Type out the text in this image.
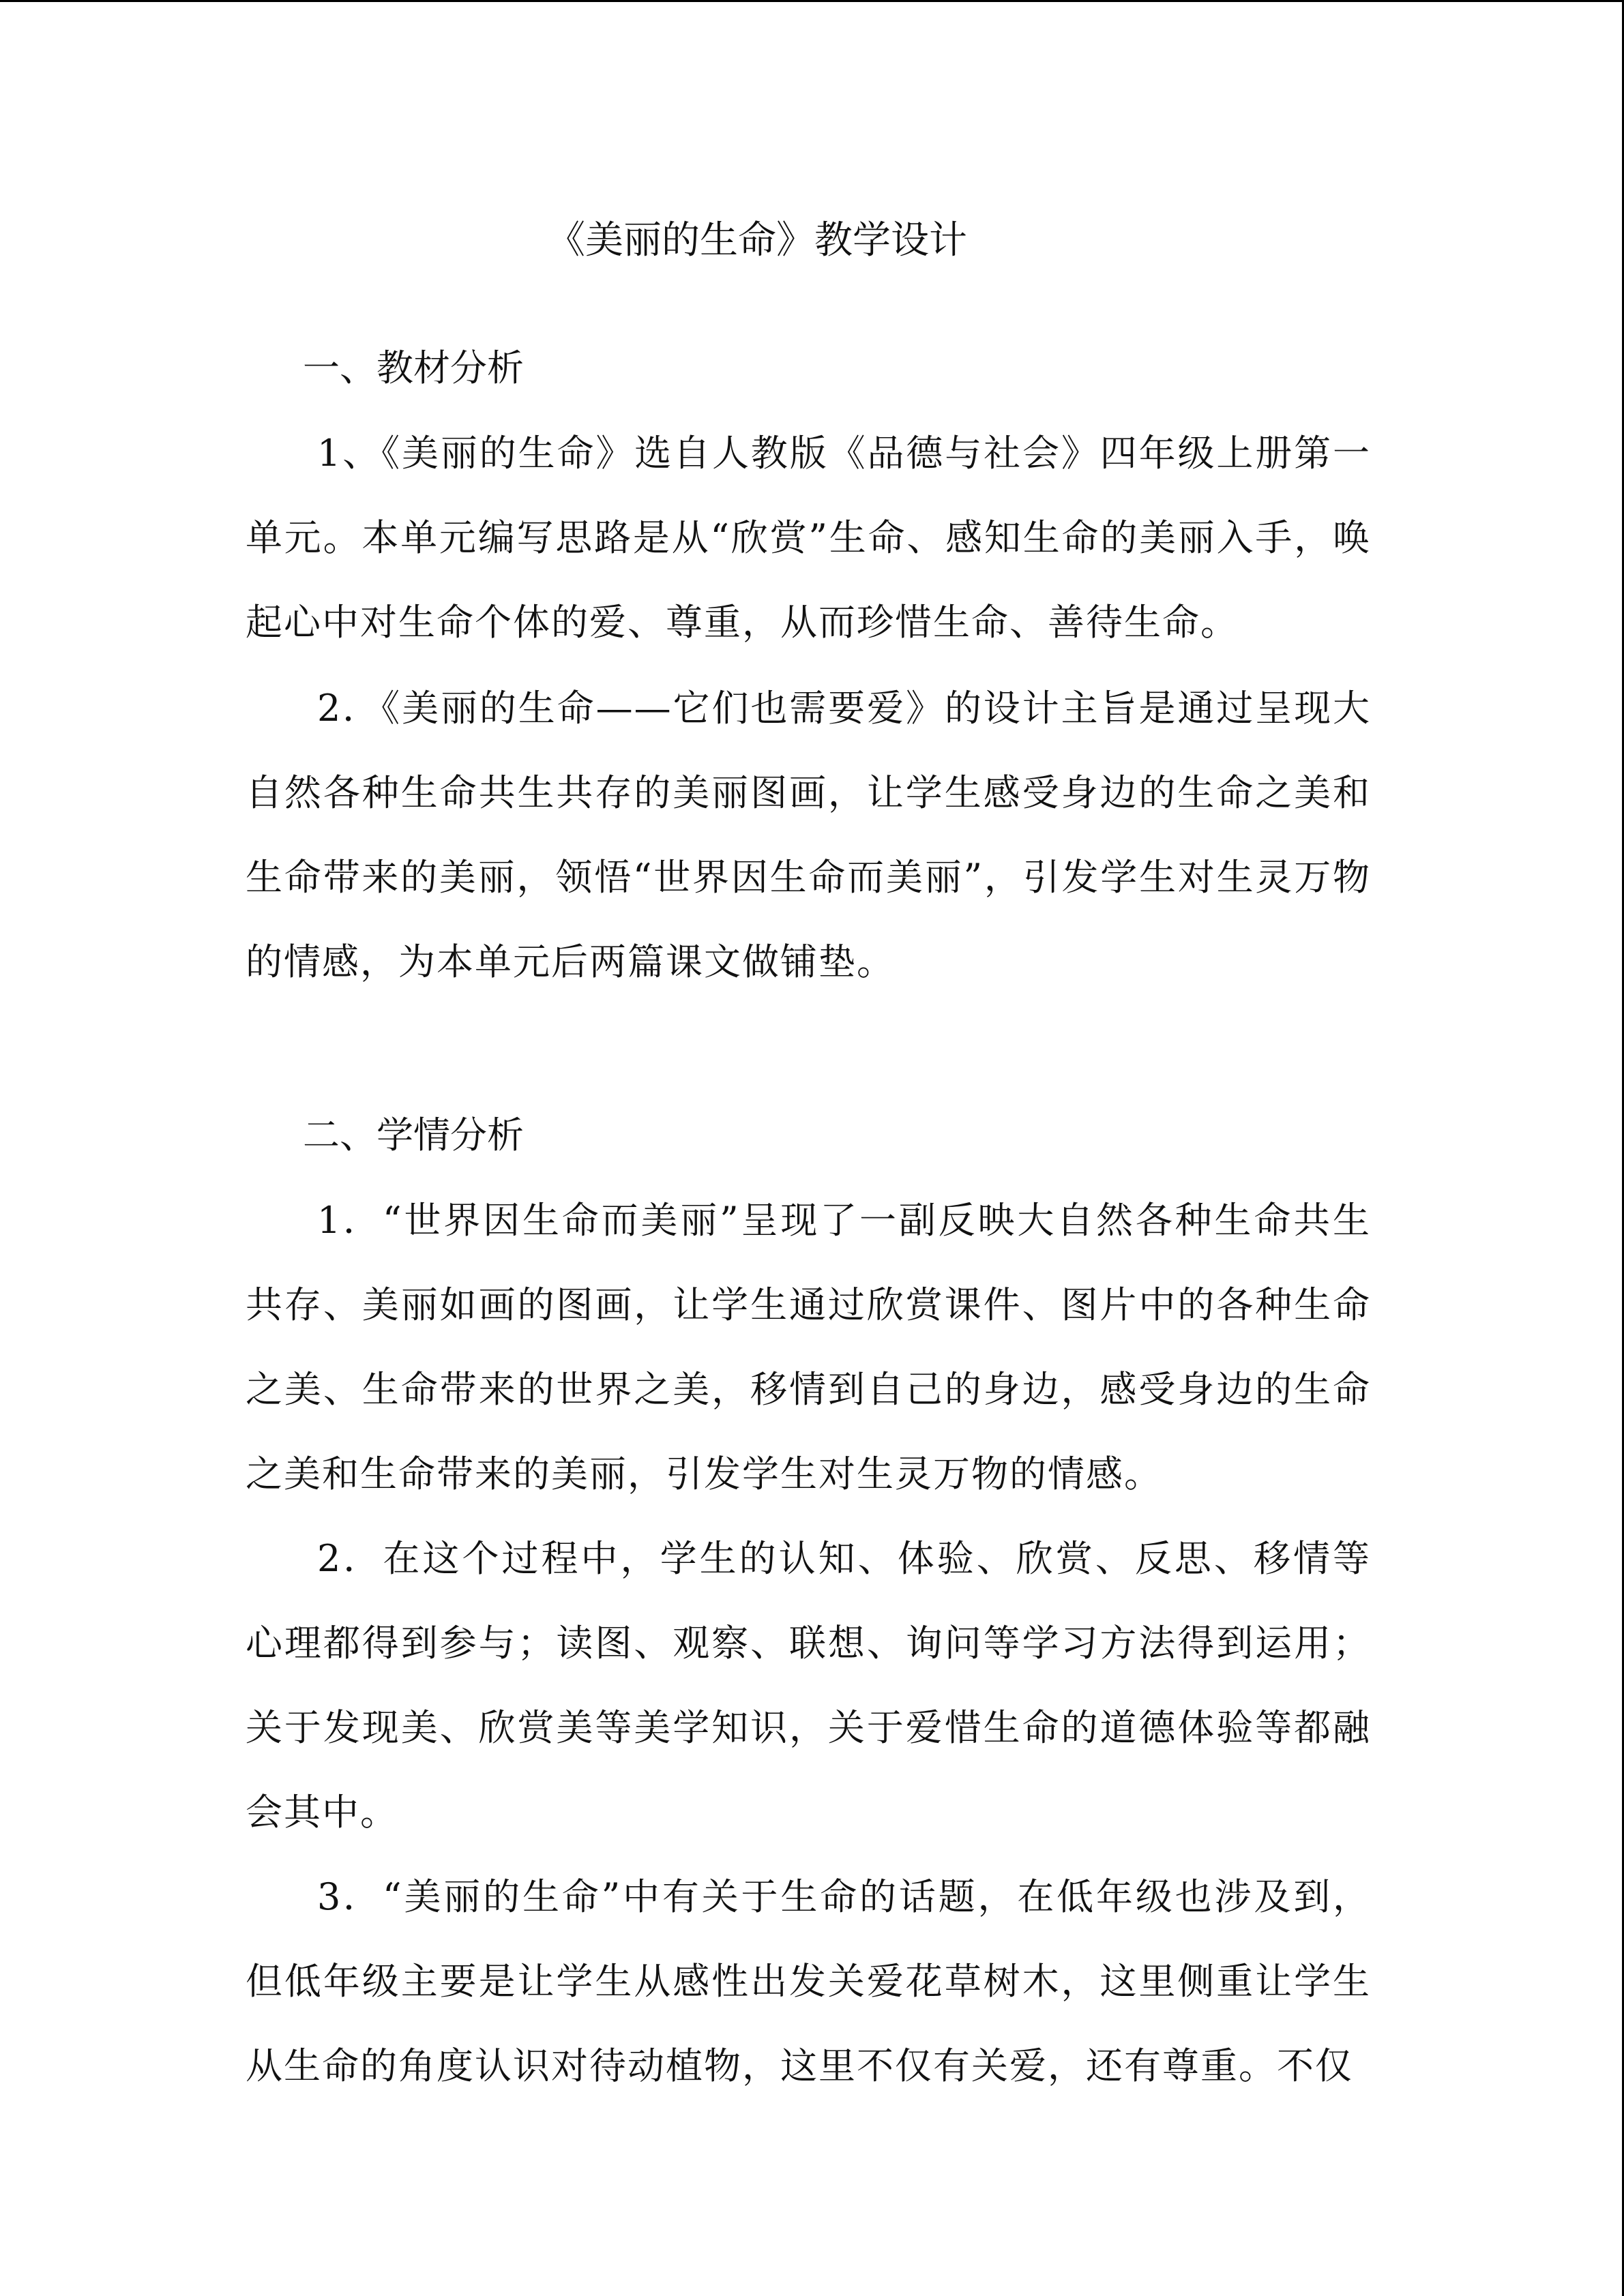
《美丽的生命》教学设计
一、教材分析

1、《美丽的生命》选自人教版《品德与社会》四年级上册第一单元。本单元编写思路是从“欣赏”生命、感知生命的美丽入手，唤起心中对生命个体的爱、尊重，从而珍惜生命、善待生命。

2．《美丽的生命——它们也需要爱》的设计主旨是通过呈现大自然各种生命共生共存的美丽图画，让学生感受身边的生命之美和生命带来的美丽，领悟“世界因生命而美丽”，引发学生对生灵万物的情感，为本单元后两篇课文做铺垫。

二、学情分析

1．“世界因生命而美丽”呈现了一副反映大自然各种生命共生共存、美丽如画的图画，让学生通过欣赏课件、图片中的各种生命之美、生命带来的世界之美，移情到自己的身边，感受身边的生命之美和生命带来的美丽，引发学生对生灵万物的情感。

2．在这个过程中，学生的认知、体验、欣赏、反思、移情等心理都得到参与；读图、观察、联想、询问等学习方法得到运用；关于发现美、欣赏美等美学知识，关于爱惜生命的道德体验等都融会其中。

3．“美丽的生命”中有关于生命的话题，在低年级也涉及到，但低年级主要是让学生从感性出发关爱花草树木，这里侧重让学生从生命的角度认识对待动植物，这里不仅有关爱，还有尊重。不仅
